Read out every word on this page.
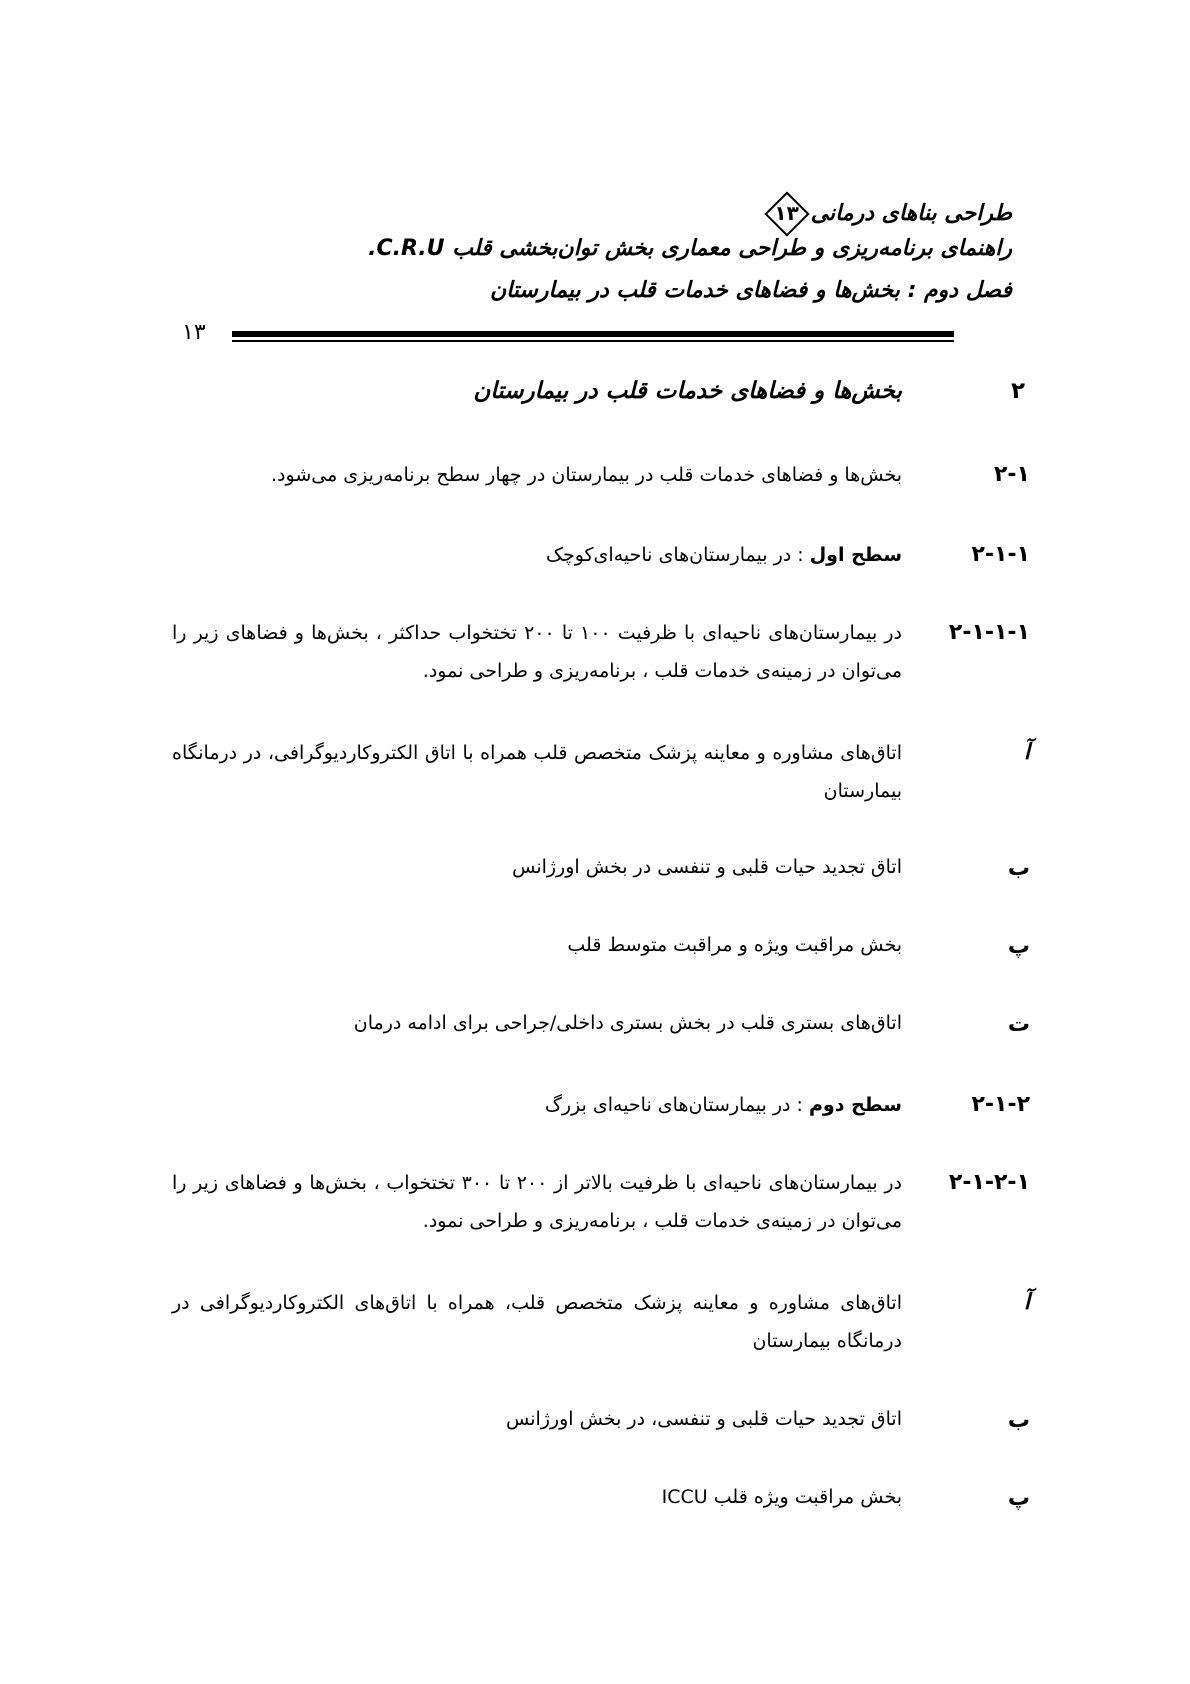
طراحی بناهای درمانی
۱۳
راهنمای برنامه‌ریزی و طراحی معماری بخش توان‌بخشی قلب C.R.U.
فصل دوم : بخش‌ها و فضاهای خدمات قلب در بیمارستان
۱۳
۲
بخش‌ها و فضاهای خدمات قلب در بیمارستان
۲-۱
بخش‌ها و فضاهای خدمات قلب در بیمارستان در چهار سطح برنامه‌ریزی می‌شود.
۲-۱-۱
سطح اول : در بیمارستان‌های ناحیه‌ای‌کوچک
۲-۱-۱-۱
در بیمارستان‌های ناحیه‌ای با ظرفیت ۱۰۰ تا ۲۰۰ تختخواب حداکثر ، بخش‌ها و فضاهای زیر را می‌توان در زمینه‌ی خدمات قلب ، برنامه‌ریزی و طراحی نمود.
آ
اتاق‌های مشاوره و معاینه پزشک متخصص قلب همراه با اتاق الکتروکاردیوگرافی، در درمانگاه بیمارستان
ب
اتاق تجدید حیات قلبی و تنفسی در بخش اورژانس
پ
بخش مراقبت ویژه و مراقبت متوسط قلب
ت
اتاق‌های بستری قلب در بخش بستری داخلی/جراحی برای ادامه درمان
۲-۱-۲
سطح دوم : در بیمارستان‌های ناحیه‌ای بزرگ
۲-۱-۲-۱
در بیمارستان‌های ناحیه‌ای با ظرفیت بالاتر از ۲۰۰ تا ۳۰۰ تختخواب ، بخش‌ها و فضاهای زیر را می‌توان در زمینه‌ی خدمات قلب ، برنامه‌ریزی و طراحی نمود.
آ
اتاق‌های مشاوره و معاینه پزشک متخصص قلب، همراه با اتاق‌های الکتروکاردیوگرافی در درمانگاه بیمارستان
ب
اتاق تجدید حیات قلبی و تنفسی، در بخش اورژانس
پ
بخش مراقبت ویژه قلب ICCU
